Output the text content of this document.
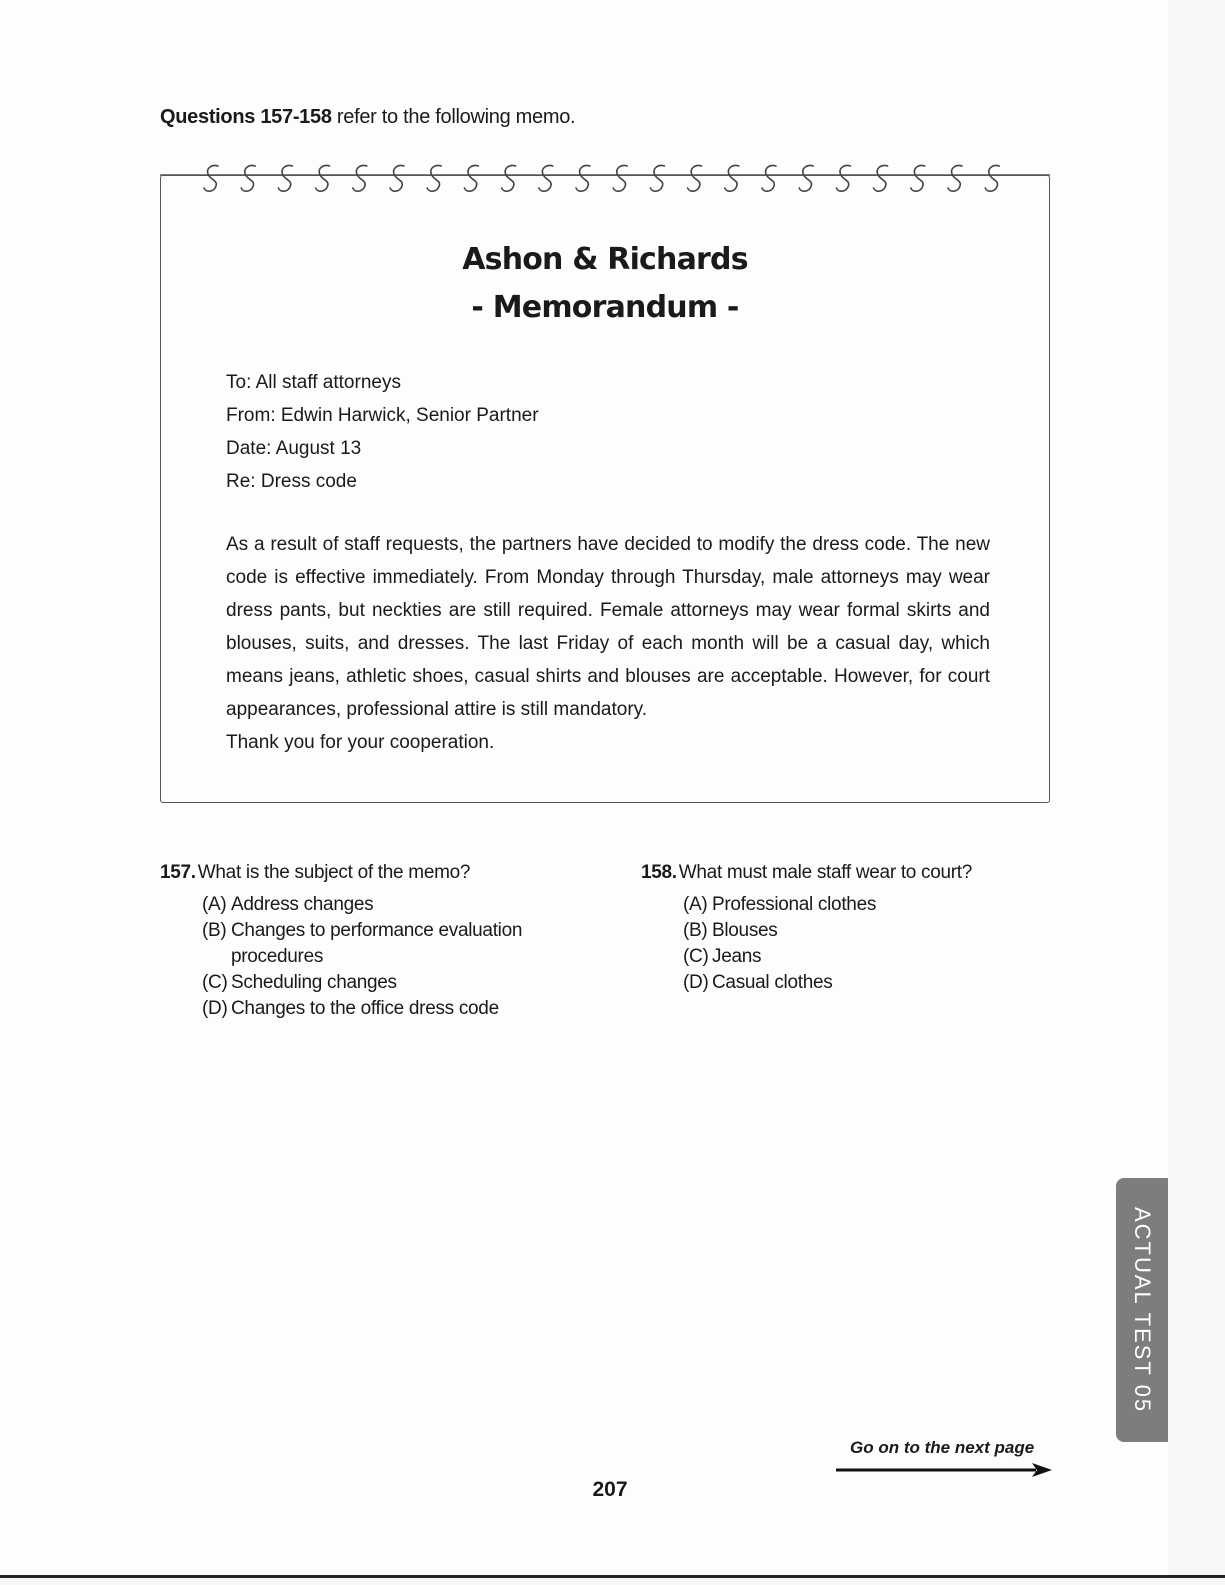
Questions 157-158 refer to the following memo.
Ashon & Richards
- Memorandum -
To: All staff attorneys
From: Edwin Harwick, Senior Partner
Date: August 13
Re: Dress code

As a result of staff requests, the partners have decided to modify the dress code. The new code is effective immediately. From Monday through Thursday, male attorneys may wear dress pants, but neckties are still required. Female attorneys may wear formal skirts and blouses, suits, and dresses. The last Friday of each month will be a casual day, which means jeans, athletic shoes, casual shirts and blouses are acceptable. However, for court appearances, professional attire is still mandatory.

Thank you for your cooperation.

157. What is the subject of the memo?
(A) Address changes
(B) Changes to performance evaluation procedures
(C) Scheduling changes
(D) Changes to the office dress code
158. What must male staff wear to court?
(A) Professional clothes
(B) Blouses
(C) Jeans
(D) Casual clothes
ACTUAL TEST 05
Go on to the next page
207
